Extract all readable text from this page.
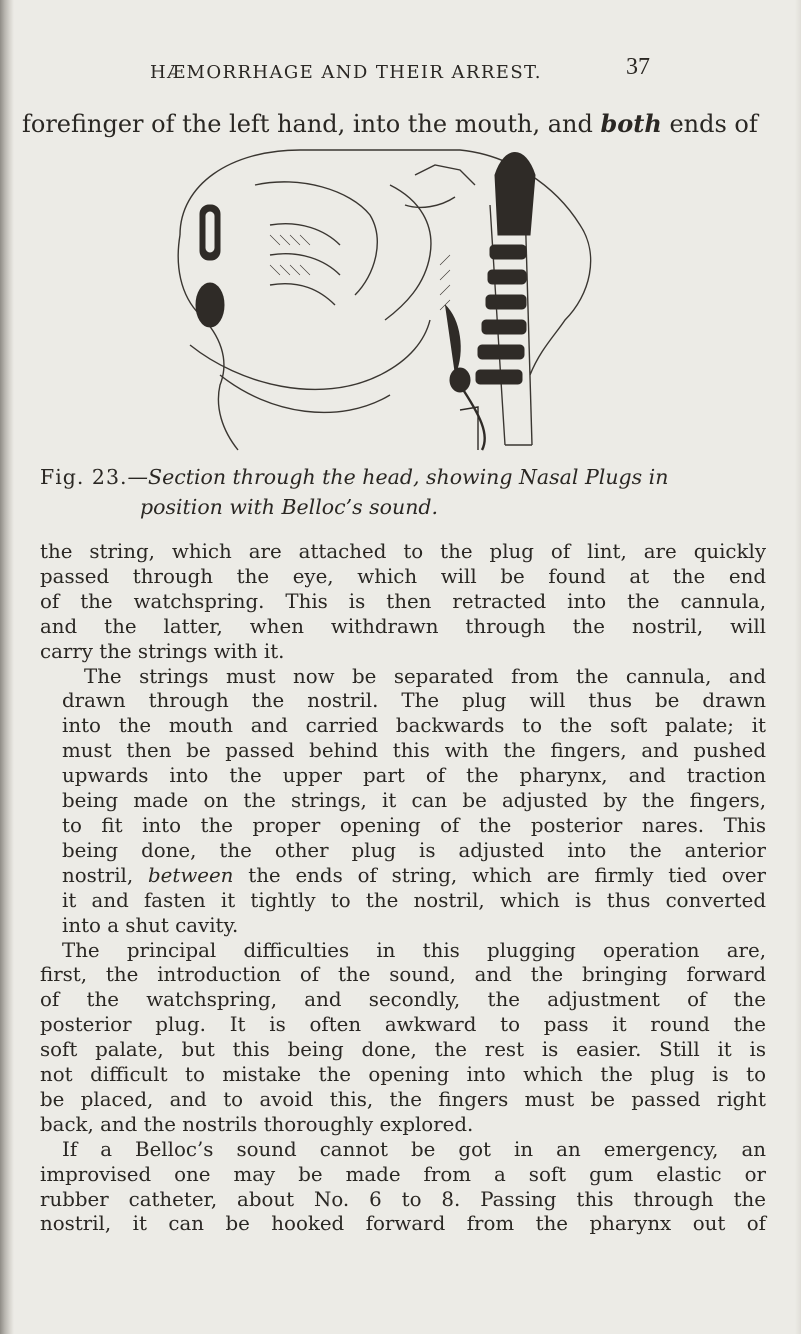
HÆMORRHAGE AND THEIR ARREST.	37
forefinger of the left hand, into the mouth, and both ends of
Fig. 23.—Section through the head, showing Nasal Plugs in
position with Belloc’s sound.

the string, which are attached to the plug of lint, are quickly
passed through the eye, which will be found at the end
of the watchspring. This is then retracted into the cannula,
and the latter, when withdrawn through the nostril, will
carry the strings with it.

The strings must now be separated from the cannula, and
drawn through the nostril. The plug will thus be drawn
into the mouth and carried backwards to the soft palate; it
must then be passed behind this with the fingers, and pushed
upwards into the upper part of the pharynx, and traction
being made on the strings, it can be adjusted by the fingers,
to fit into the proper opening of the posterior nares. This
being done, the other plug is adjusted into the anterior
nostril, between the ends of string, which are firmly tied over
it and fasten it tightly to the nostril, which is thus converted
into a shut cavity.

The principal difficulties in this plugging operation are,
first, the introduction of the sound, and the bringing forward
of the watchspring, and secondly, the adjustment of the
posterior plug. It is often awkward to pass it round the
soft palate, but this being done, the rest is easier. Still it is
not difficult to mistake the opening into which the plug is to
be placed, and to avoid this, the fingers must be passed right
back, and the nostrils thoroughly explored.

If a Belloc’s sound cannot be got in an emergency, an
improvised one may be made from a soft gum elastic or
rubber catheter, about No. 6 to 8. Passing this through the
nostril, it can be hooked forward from the pharynx out of
